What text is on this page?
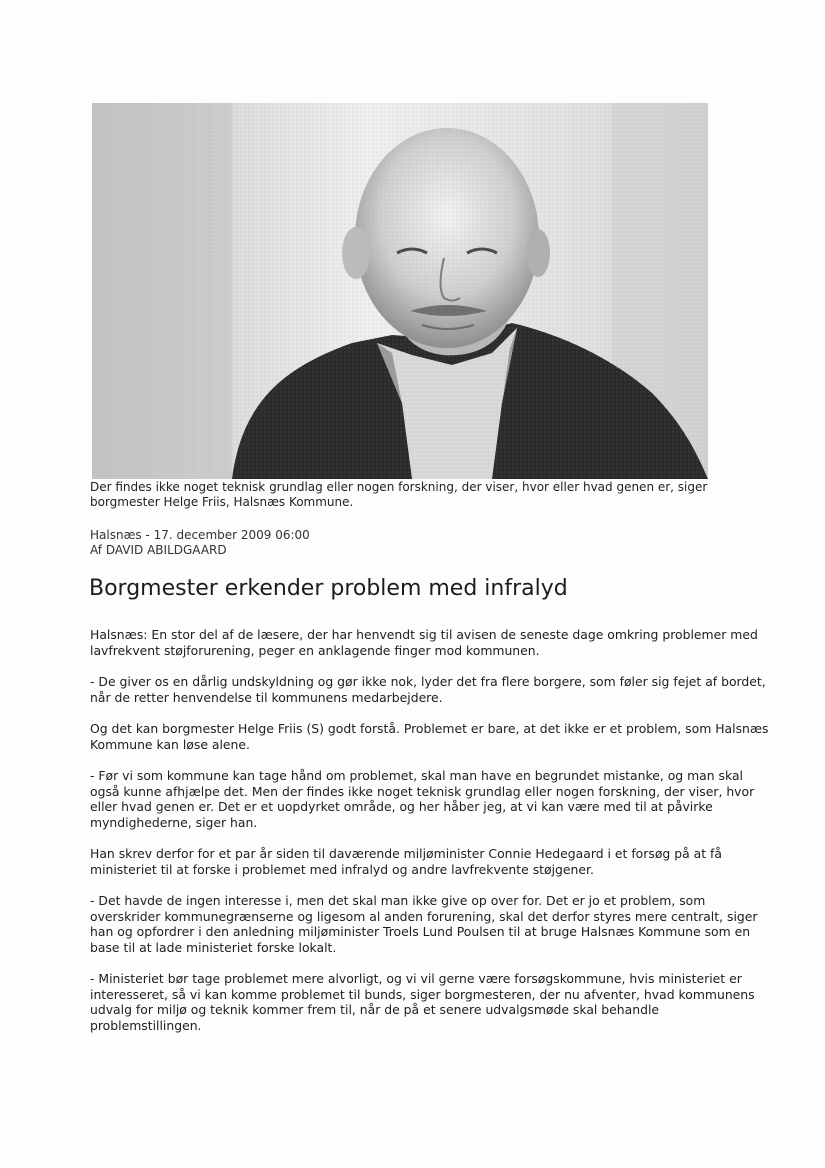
Der findes ikke noget teknisk grundlag eller nogen forskning, der viser, hvor eller hvad genen er, siger borgmester Helge Friis, Halsnæs Kommune.
Halsnæs - 17. december 2009 06:00
Af DAVID ABILDGAARD
Borgmester erkender problem med infralyd

Halsnæs: En stor del af de læsere, der har henvendt sig til avisen de seneste dage omkring problemer med lavfrekvent støjforurening, peger en anklagende finger mod kommunen.

- De giver os en dårlig undskyldning og gør ikke nok, lyder det fra flere borgere, som føler sig fejet af bordet, når de retter henvendelse til kommunens medarbejdere.

Og det kan borgmester Helge Friis (S) godt forstå. Problemet er bare, at det ikke er et problem, som Halsnæs Kommune kan løse alene.

- Før vi som kommune kan tage hånd om problemet, skal man have en begrundet mistanke, og man skal også kunne afhjælpe det. Men der findes ikke noget teknisk grundlag eller nogen forskning, der viser, hvor eller hvad genen er. Det er et uopdyrket område, og her håber jeg, at vi kan være med til at påvirke myndighederne, siger han.

Han skrev derfor for et par år siden til daværende miljøminister Connie Hedegaard i et forsøg på at få ministeriet til at forske i problemet med infralyd og andre lavfrekvente støjgener.

- Det havde de ingen interesse i, men det skal man ikke give op over for. Det er jo et problem, som overskrider kommunegrænserne og ligesom al anden forurening, skal det derfor styres mere centralt, siger han og opfordrer i den anledning miljøminister Troels Lund Poulsen til at bruge Halsnæs Kommune som en base til at lade ministeriet forske lokalt.

- Ministeriet bør tage problemet mere alvorligt, og vi vil gerne være forsøgskommune, hvis ministeriet er interesseret, så vi kan komme problemet til bunds, siger borgmesteren, der nu afventer, hvad kommunens udvalg for miljø og teknik kommer frem til, når de på et senere udvalgsmøde skal behandle problemstillingen.
